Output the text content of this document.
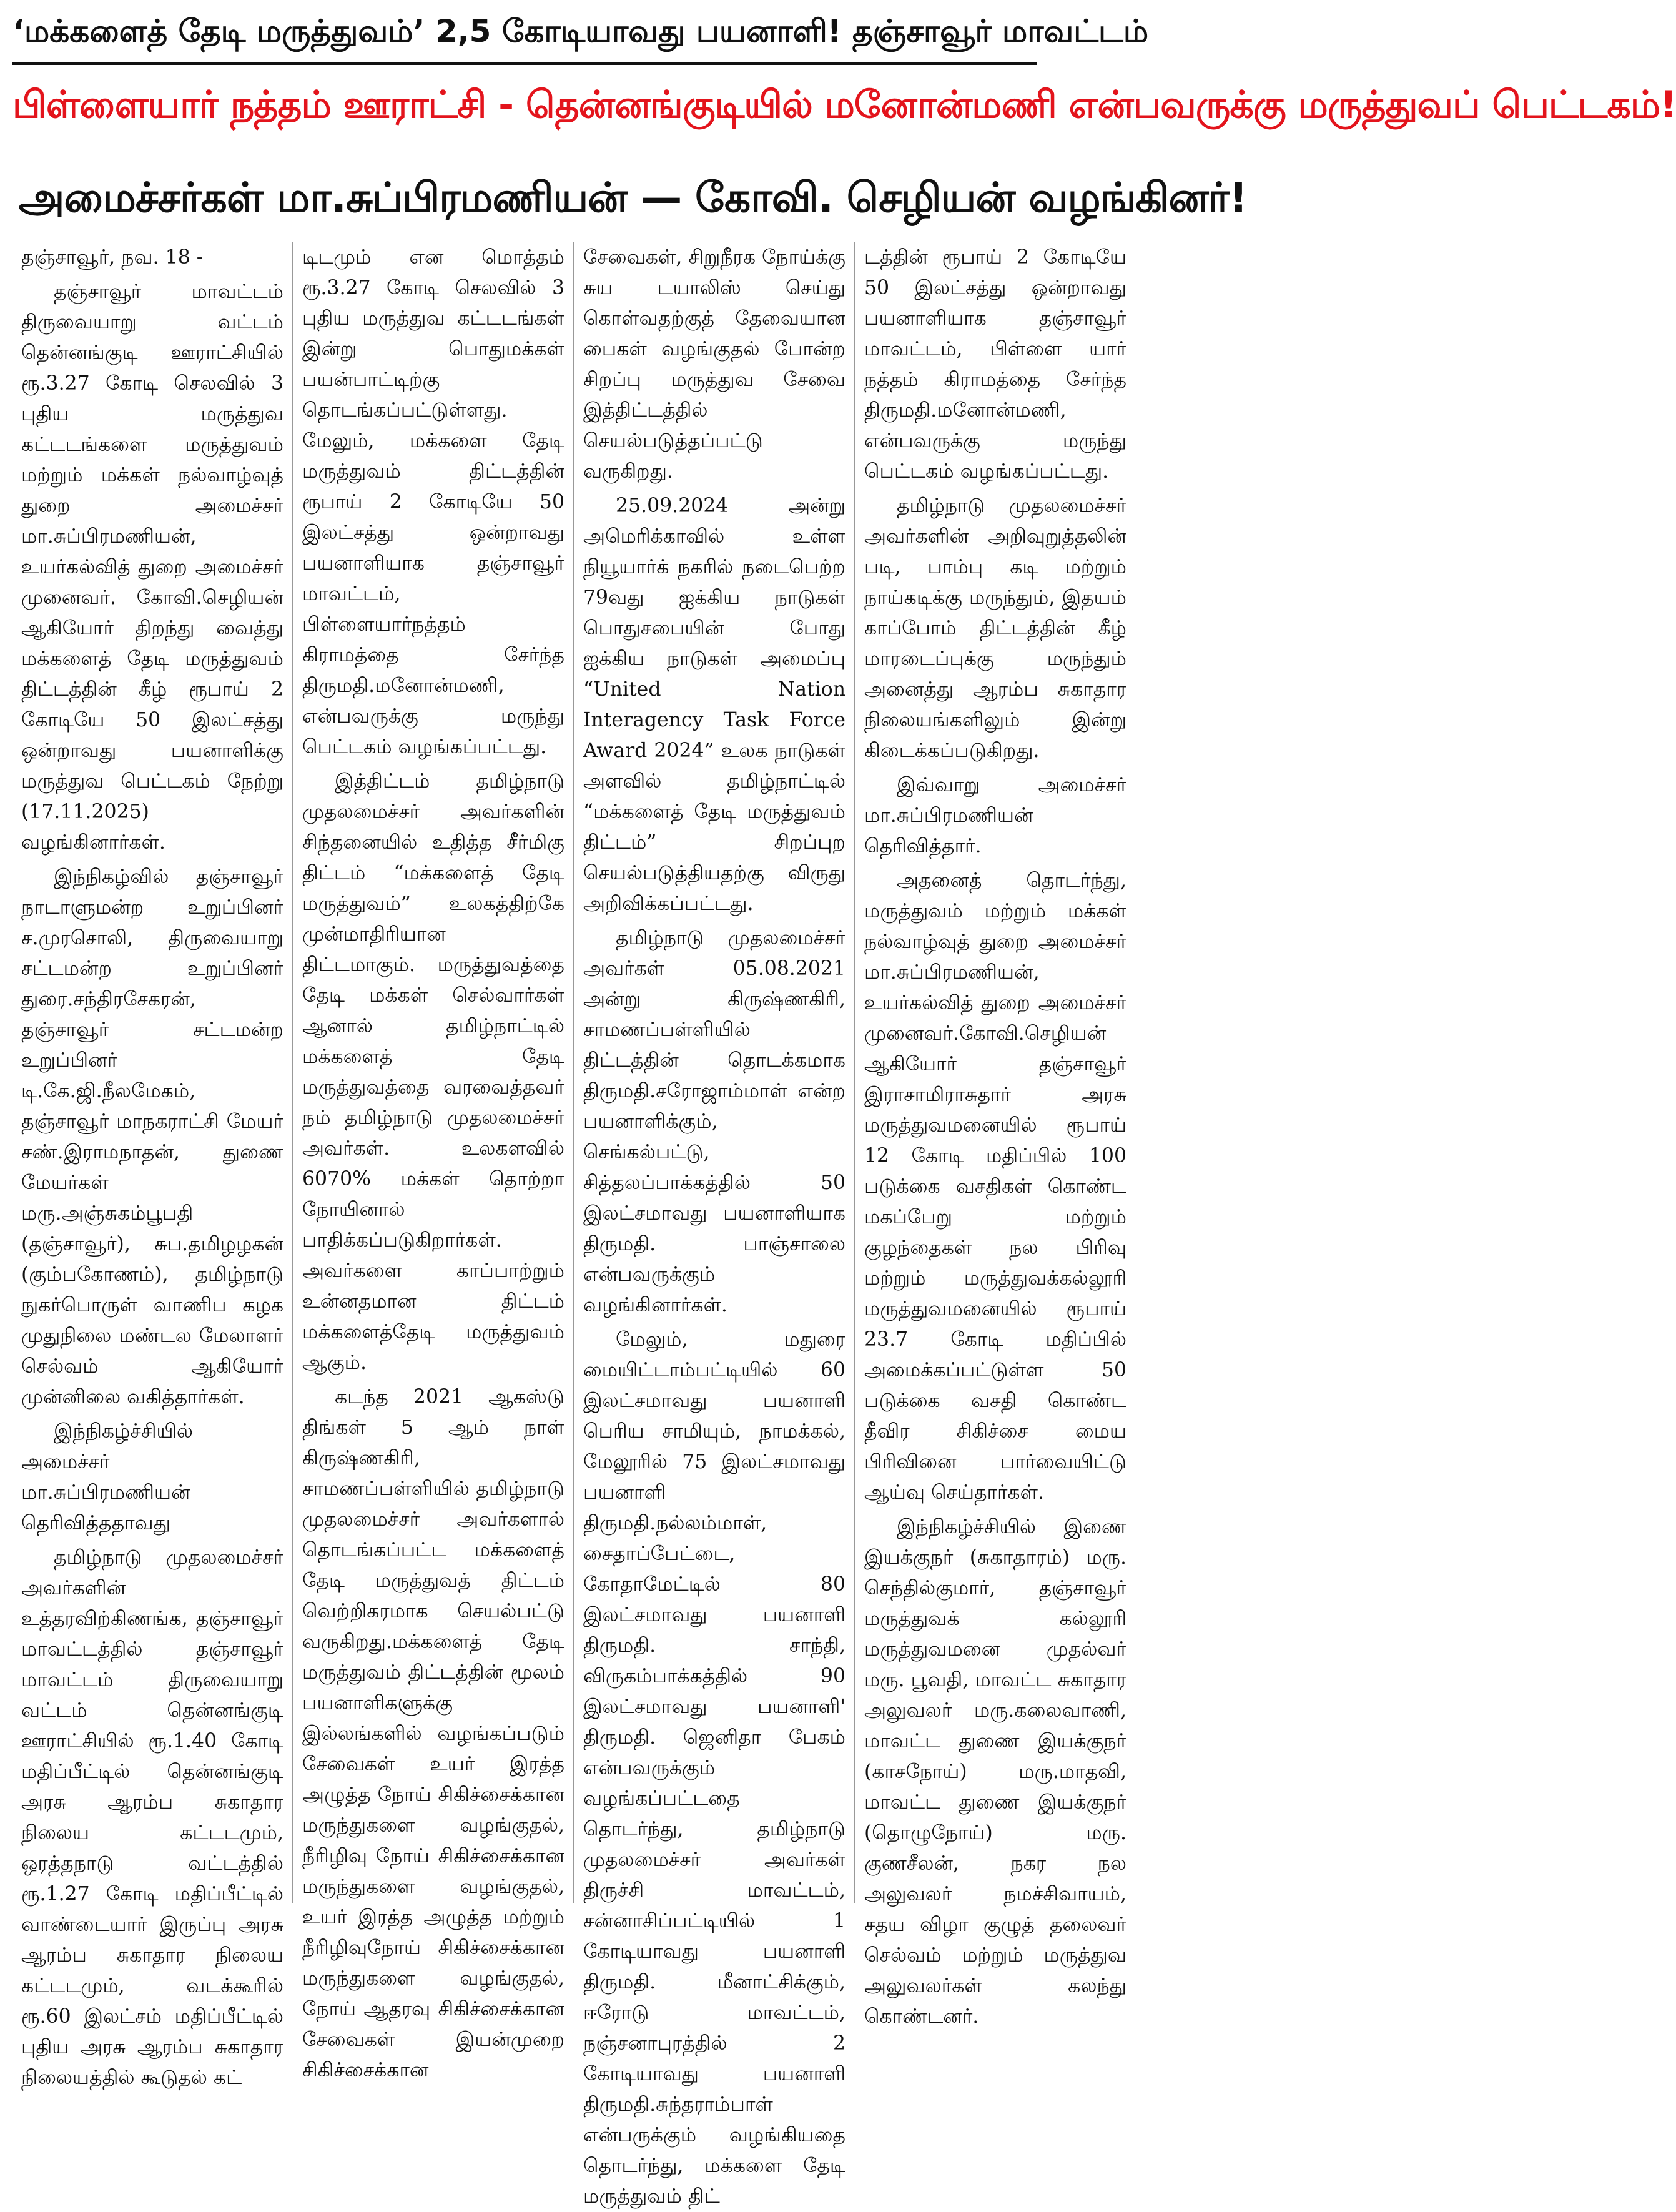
‘மக்களைத் தேடி மருத்துவம்’ 2,5 கோடியாவது பயனாளி! தஞ்சாவூர் மாவட்டம்
பிள்ளையார் நத்தம் ஊராட்சி - தென்னங்குடியில் மனோன்மணி என்பவருக்கு மருத்துவப் பெட்டகம்!
அமைச்சர்கள் மா.சுப்பிரமணியன் — கோவி. செழியன் வழங்கினர்!

தஞ்சாவூர், நவ. 18 -

தஞ்சாவூர் மாவட்டம் திருவையாறு வட்டம் தென்னங்குடி ஊராட்சியில் ரூ.3.27 கோடி செலவில் 3 புதிய மருத்துவ கட்டடங்களை மருத்துவம் மற்றும் மக்கள் நல்வாழ்வுத் துறை அமைச்சர் மா.சுப்பிரமணியன், உயர்கல்வித் துறை அமைச்சர் முனைவர். கோவி.செழியன் ஆகியோர் திறந்து வைத்து மக்களைத் தேடி மருத்துவம் திட்டத்தின் கீழ் ரூபாய் 2 கோடியே 50 இலட்சத்து ஒன்றாவது பயனாளிக்கு மருத்துவ பெட்டகம் நேற்று (17.11.2025) வழங்கினார்கள்.

இந்நிகழ்வில் தஞ்சாவூர் நாடாளுமன்ற உறுப்பினர் ச.முரசொலி, திருவையாறு சட்டமன்ற உறுப்பினர் துரை.சந்திரசேகரன், தஞ்சாவூர் சட்டமன்ற உறுப்பினர் டி.கே.ஜி.நீலமேகம், தஞ்சாவூர் மாநகராட்சி மேயர் சண்.இராமநாதன், துணை மேயர்கள் மரு.அஞ்சுகம்பூபதி (தஞ்சாவூர்), சுப.தமிழழகன் (கும்பகோணம்), தமிழ்நாடு நுகர்பொருள் வாணிப கழக முதுநிலை மண்டல மேலாளர் செல்வம் ஆகியோர் முன்னிலை வகித்தார்கள்.

இந்நிகழ்ச்சியில் அமைச்சர் மா.சுப்பிரமணியன் தெரிவித்ததாவது

தமிழ்நாடு முதலமைச்சர் அவர்களின் உத்தரவிற்கிணங்க, தஞ்சாவூர் மாவட்டத்தில் தஞ்சாவூர் மாவட்டம் திருவையாறு வட்டம் தென்னங்குடி ஊராட்சியில் ரூ.1.40 கோடி மதிப்பீட்டில் தென்னங்குடி அரசு ஆரம்ப சுகாதார நிலைய கட்டடமும், ஒரத்தநாடு வட்டத்தில் ரூ.1.27 கோடி மதிப்பீட்டில் வாண்டையார் இருப்பு அரசு ஆரம்ப சுகாதார நிலைய கட்டடமும், வடக்கூரில் ரூ.60 இலட்சம் மதிப்பீட்டில் புதிய அரசு ஆரம்ப சுகாதார நிலையத்தில் கூடுதல் கட்

டிடமும் என மொத்தம் ரூ.3.27 கோடி செலவில் 3 புதிய மருத்துவ கட்டடங்கள் இன்று பொதுமக்கள் பயன்பாட்டிற்கு தொடங்கப்பட்டுள்ளது. மேலும், மக்களை தேடி மருத்துவம் திட்டத்தின் ரூபாய் 2 கோடியே 50 இலட்சத்து ஒன்றாவது பயனாளியாக தஞ்சாவூர் மாவட்டம், பிள்ளையார்நத்தம் கிராமத்தை சேர்ந்த திருமதி.மனோன்மணி, என்பவருக்கு மருந்து பெட்டகம் வழங்கப்பட்டது.

இத்திட்டம் தமிழ்நாடு முதலமைச்சர் அவர்களின் சிந்தனையில் உதித்த சீர்மிகு திட்டம் “மக்களைத் தேடி மருத்துவம்” உலகத்திற்கே முன்மாதிரியான திட்டமாகும். மருத்துவத்தை தேடி மக்கள் செல்வார்கள் ஆனால் தமிழ்நாட்டில் மக்களைத் தேடி மருத்துவத்தை வரவைத்தவர் நம் தமிழ்நாடு முதலமைச்சர் அவர்கள். உலகளவில் 6070% மக்கள் தொற்றா நோயினால் பாதிக்கப்படுகிறார்கள். அவர்களை காப்பாற்றும் உன்னதமான திட்டம் மக்களைத்தேடி மருத்துவம் ஆகும்.

கடந்த 2021 ஆகஸ்டு திங்கள் 5 ஆம் நாள் கிருஷ்ணகிரி, சாமணப்பள்ளியில் தமிழ்நாடு முதலமைச்சர் அவர்களால் தொடங்கப்பட்ட மக்களைத் தேடி மருத்துவத் திட்டம் வெற்றிகரமாக செயல்பட்டு வருகிறது.மக்களைத் தேடி மருத்துவம் திட்டத்தின் மூலம் பயனாளிகளுக்கு இல்லங்களில் வழங்கப்படும் சேவைகள் உயர் இரத்த அழுத்த நோய் சிகிச்சைக்கான மருந்துகளை வழங்குதல், நீரிழிவு நோய் சிகிச்சைக்கான மருந்துகளை வழங்குதல், உயர் இரத்த அழுத்த மற்றும் நீரிழிவுநோய் சிகிச்சைக்கான மருந்துகளை வழங்குதல், நோய் ஆதரவு சிகிச்சைக்கான சேவைகள் இயன்முறை சிகிச்சைக்கான

சேவைகள், சிறுநீரக நோய்க்கு சுய டயாலிஸ் செய்து கொள்வதற்குத் தேவையான பைகள் வழங்குதல் போன்ற சிறப்பு மருத்துவ சேவை இத்திட்டத்தில் செயல்படுத்தப்பட்டு வருகிறது.

25.09.2024 அன்று அமெரிக்காவில் உள்ள நியூயார்க் நகரில் நடைபெற்ற 79வது ஐக்கிய நாடுகள் பொதுசபையின் போது ஐக்கிய நாடுகள் அமைப்பு “United Nation Interagency Task Force Award 2024” உலக நாடுகள் அளவில் தமிழ்நாட்டில் “மக்களைத் தேடி மருத்துவம் திட்டம்” சிறப்புற செயல்படுத்தியதற்கு விருது அறிவிக்கப்பட்டது.

தமிழ்நாடு முதலமைச்சர் அவர்கள் 05.08.2021 அன்று கிருஷ்ணகிரி, சாமணப்பள்ளியில் திட்டத்தின் தொடக்கமாக திருமதி.சரோஜாம்மாள் என்ற பயனாளிக்கும், செங்கல்பட்டு, சித்தலப்பாக்கத்தில் 50 இலட்சமாவது பயனாளியாக திருமதி. பாஞ்சாலை என்பவருக்கும் வழங்கினார்கள்.

மேலும், மதுரை மையிட்டாம்பட்டியில் 60 இலட்சமாவது பயனாளி பெரிய சாமியும், நாமக்கல், மேலூரில் 75 இலட்சமாவது பயனாளி திருமதி.நல்லம்மாள், சைதாப்பேட்டை, கோதாமேட்டில் 80 இலட்சமாவது பயனாளி திருமதி. சாந்தி, விருகம்பாக்கத்தில் 90 இலட்சமாவது பயனாளி' திருமதி. ஜெனிதா பேகம் என்பவருக்கும் வழங்கப்பட்டதை தொடர்ந்து, தமிழ்நாடு முதலமைச்சர் அவர்கள் திருச்சி மாவட்டம், சன்னாசிப்பட்டியில் 1 கோடியாவது பயனாளி திருமதி. மீனாட்சிக்கும், ஈரோடு மாவட்டம், நஞ்சனாபுரத்தில் 2 கோடியாவது பயனாளி திருமதி.சுந்தராம்பாள் என்பருக்கும் வழங்கியதை தொடர்ந்து, மக்களை தேடி மருத்துவம் திட்

டத்தின் ரூபாய் 2 கோடியே 50 இலட்சத்து ஒன்றாவது பயனாளியாக தஞ்சாவூர் மாவட்டம், பிள்ளை யார் நத்தம் கிராமத்தை சேர்ந்த திருமதி.மனோன்மணி, என்பவருக்கு மருந்து பெட்டகம் வழங்கப்பட்டது.

தமிழ்நாடு முதலமைச்சர் அவர்களின் அறிவுறுத்தலின் படி, பாம்பு கடி மற்றும் நாய்கடிக்கு மருந்தும், இதயம் காப்போம் திட்டத்தின் கீழ் மாரடைப்புக்கு மருந்தும் அனைத்து ஆரம்ப சுகாதார நிலையங்களிலும் இன்று கிடைக்கப்படுகிறது.

இவ்வாறு அமைச்சர் மா.சுப்பிரமணியன் தெரிவித்தார்.

அதனைத் தொடர்ந்து, மருத்துவம் மற்றும் மக்கள் நல்வாழ்வுத் துறை அமைச்சர் மா.சுப்பிரமணியன், உயர்கல்வித் துறை அமைச்சர் முனைவர்.கோவி.செழியன் ஆகியோர் தஞ்சாவூர் இராசாமிராசுதார் அரசு மருத்துவமனையில் ரூபாய் 12 கோடி மதிப்பில் 100 படுக்கை வசதிகள் கொண்ட மகப்பேறு மற்றும் குழந்தைகள் நல பிரிவு மற்றும் மருத்துவக்கல்லூரி மருத்துவமனையில் ரூபாய் 23.7 கோடி மதிப்பில் அமைக்கப்பட்டுள்ள 50 படுக்கை வசதி கொண்ட தீவிர சிகிச்சை மைய பிரிவினை பார்வையிட்டு ஆய்வு செய்தார்கள்.

இந்நிகழ்ச்சியில் இணை இயக்குநர் (சுகாதாரம்) மரு. செந்தில்குமார், தஞ்சாவூர் மருத்துவக் கல்லூரி மருத்துவமனை முதல்வர் மரு. பூவதி, மாவட்ட சுகாதார அலுவலர் மரு.கலைவாணி, மாவட்ட துணை இயக்குநர் (காசநோய்) மரு.மாதவி, மாவட்ட துணை இயக்குநர் (தொழுநோய்) மரு. குணசீலன், நகர நல அலுவலர் நமச்சிவாயம், சதய விழா குழுத் தலைவர் செல்வம் மற்றும் மருத்துவ அலுவலர்கள் கலந்து கொண்டனர்.
